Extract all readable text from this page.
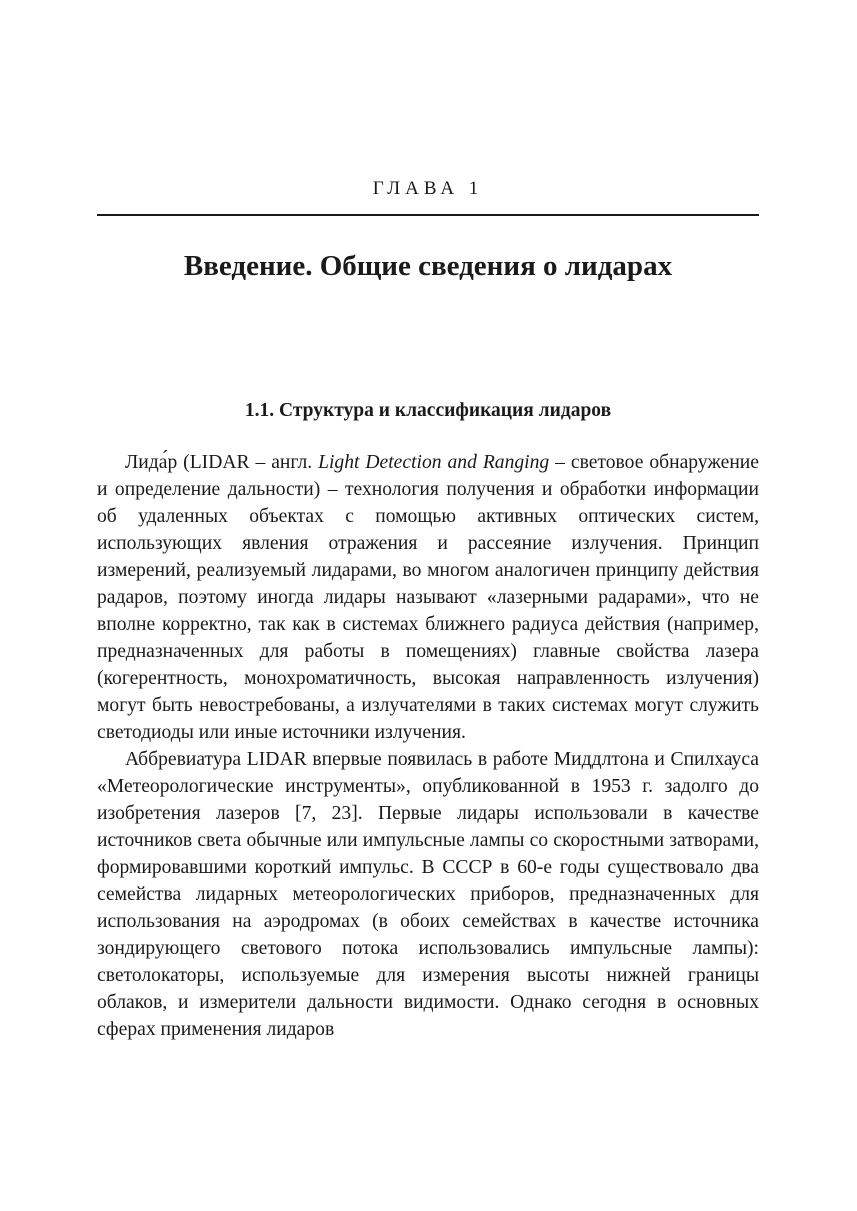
ГЛАВА 1
Введение. Общие сведения о лидарах
1.1. Структура и классификация лидаров

Лида́р (LIDAR – англ. Light Detection and Ranging – световое обнаружение и определение дальности) – технология получения и обработки информации об удаленных объектах с помощью активных оптических систем, использующих явления отражения и рассеяние излучения. Принцип измерений, реализуемый лидарами, во многом аналогичен принципу действия радаров, поэтому иногда лидары называют «лазерными радарами», что не вполне корректно, так как в системах ближнего радиуса действия (например, предназначенных для работы в помещениях) главные свойства лазера (когерентность, монохроматичность, высокая направленность излучения) могут быть невостребованы, а излучателями в таких системах могут служить светодиоды или иные источники излучения.

Аббревиатура LIDAR впервые появилась в работе Миддлтона и Спилхауса «Метеорологические инструменты», опубликованной в 1953 г. задолго до изобретения лазеров [7, 23]. Первые лидары использовали в качестве источников света обычные или импульсные лампы со скоростными затворами, формировавшими короткий импульс. В СССР в 60-е годы существовало два семейства лидарных метеорологических приборов, предназначенных для использования на аэродромах (в обоих семействах в качестве источника зондирующего светового потока использовались импульсные лампы): светолокаторы, используемые для измерения высоты нижней границы облаков, и измерители дальности видимости. Однако сегодня в основных сферах применения лидаров
